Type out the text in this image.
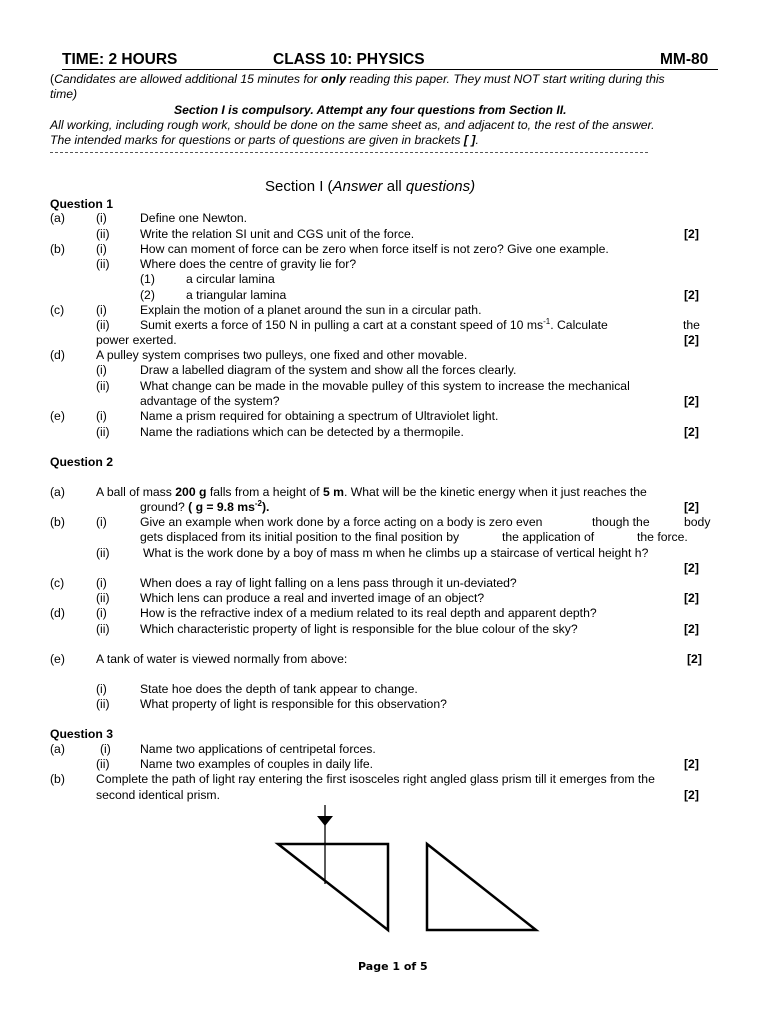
TIME: 2 HOURS	CLASS 10: PHYSICS	MM-80
(Candidates are allowed additional 15 minutes for only reading this paper. They must NOT start writing during this
time)
Section I is compulsory. Attempt any four questions from Section II.
All working, including rough work, should be done on the same sheet as, and adjacent to, the rest of the answer.
The intended marks for questions or parts of questions are given in brackets [ ].
Section I (Answer all questions)
Question 1
(a)	(i)	Define one Newton.
(ii) Write the relation SI unit and CGS unit of the force.	[2]
(b)	(i)	How can moment of force can be zero when force itself is not zero? Give one example.
(ii) Where does the centre of gravity lie for?
(1)	a circular lamina
(2)	a triangular lamina	[2]
(c)	(i)	Explain the motion of a planet around the sun in a circular path.
(ii) Sumit exerts a force of 150 N in pulling a cart at a constant speed of 10 $ms^{-1}$. Calculate	the
power exerted.	[2]
(d)	A pulley system comprises two pulleys, one fixed and other movable.
(i)	Draw a labelled diagram of the system and show all the forces clearly.
(ii) What change can be made in the movable pulley of this system to increase the mechanical
advantage of the system?	[2]
(e)	(i)	Name a prism required for obtaining a spectrum of Ultraviolet light.
(ii) Name the radiations which can be detected by a thermopile.	[2]
Question 2
(a)	A ball of mass 200 g falls from a height of 5 m. What will be the kinetic energy when it just reaches the
ground? ( g = 9.8 $ms^{-2}$).	[2]
(b)	(i)	Give an example when work done by a force acting on a body is zero even	though the	body
gets displaced from its initial position to the final position by	the application of	the force.
(ii)	What is the work done by a boy of mass m when he climbs up a staircase of vertical height h?
[2]
(c)	(i)	When does a ray of light falling on a lens pass through it un-deviated?
(ii) Which lens can produce a real and inverted image of an object?	[2]
(d)	(i)	How is the refractive index of a medium related to its real depth and apparent depth?
(ii) Which characteristic property of light is responsible for the blue colour of the sky?	[2]
(e)	A tank of water is viewed normally from above:	[2]
(i)	State hoe does the depth of tank appear to change.
(ii) What property of light is responsible for this observation?
Question 3
(a)	(i) Name two applications of centripetal forces.
(ii) Name two examples of couples in daily life.	[2]
(b)	Complete the path of light ray entering the first isosceles right angled glass prism till it emerges from the
second identical prism.	[2]
Page 1 of 5
